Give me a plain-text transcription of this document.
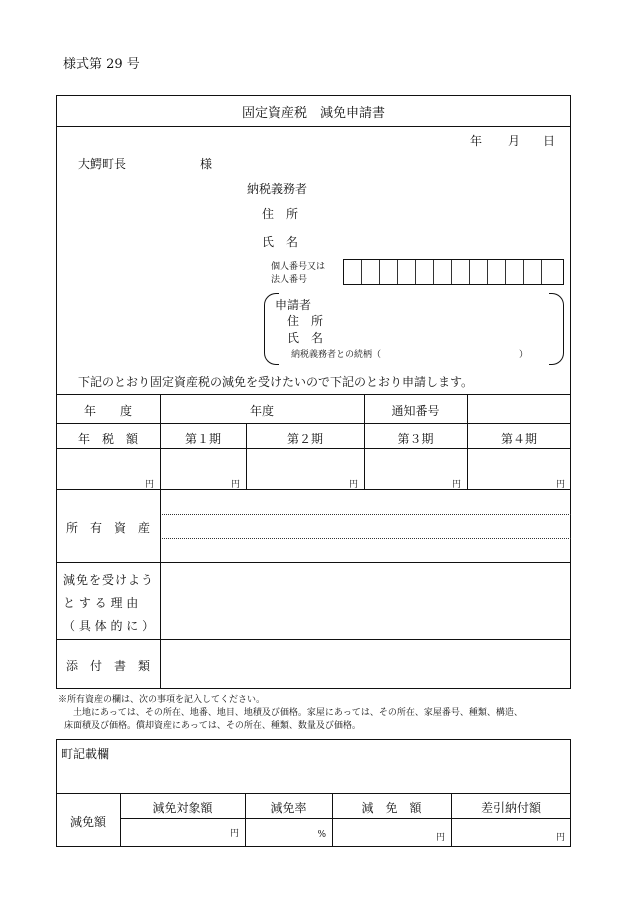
様式第 29 号
固定資産税　減免申請書
年 月 日
大鰐町長	様
納税義務者
住　所
氏　名
個人番号又は
法人番号
申請者
住　所
氏　名
納税義務者との続柄（	）
下記のとおり固定資産税の減免を受けたいので下記のとおり申請します。
年　　度	年度	通知番号
年　税　額	第１期	第２期	第３期	第４期
円	円	円	円	円
所　有　資　産
減免を受けよう
と す る 理 由
（ 具 体 的 に ）
添　付　書　類
※所有資産の欄は、次の事項を記入してください。
土地にあっては、その所在、地番、地目、地積及び価格。家屋にあっては、その所在、家屋番号、種類、構造、
床面積及び価格。償却資産にあっては、その所在、種類、数量及び価格。
町記載欄
減免額
減免対象額	減免率	減　免　額	差引納付額
円	%	円	円
